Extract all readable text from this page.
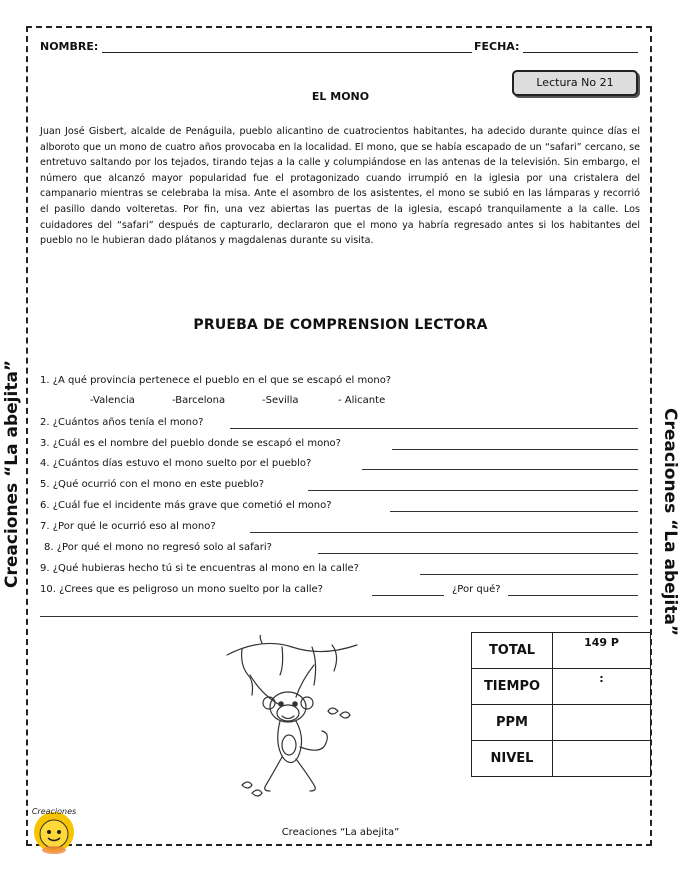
Creaciones “La abejita”	Creaciones “La abejita”
NOMBRE:	FECHA:
Lectura No 21
EL MONO
Juan José Gisbert, alcalde de Penáguila, pueblo alicantino de cuatrocientos habitantes, ha adecido durante quince días el alboroto que un mono de cuatro años provocaba en la localidad. El mono, que se había escapado de un “safari” cercano, se entretuvo saltando por los tejados, tirando tejas a la calle y columpiándose en las antenas de la televisión. Sin embargo, el número que alcanzó mayor popularidad fue el protagonizado cuando irrumpió en la iglesia por una cristalera del campanario mientras se celebraba la misa. Ante el asombro de los asistentes, el mono se subió en las lámparas y recorrió el pasillo dando volteretas. Por fin, una vez abiertas las puertas de la iglesia, escapó tranquilamente a la calle. Los cuidadores del “safari” después de capturarlo, declararon que el mono ya habría regresado antes si los habitantes del pueblo no le hubieran dado plátanos y magdalenas durante su visita.
PRUEBA DE COMPRENSION LECTORA
1. ¿A qué provincia pertenece el pueblo en el que se escapó el mono?
-Valencia	-Barcelona	-Sevilla	- Alicante
2. ¿Cuántos años tenía el mono?
3. ¿Cuál es el nombre del pueblo donde se escapó el mono?
4. ¿Cuántos días estuvo el mono suelto por el pueblo?
5. ¿Qué ocurrió con el mono en este pueblo?
6. ¿Cuál fue el incidente más grave que cometió el mono?
7. ¿Por qué le ocurrió eso al mono?
8. ¿Por qué el mono no regresó solo al safari?
9. ¿Qué hubieras hecho tú si te encuentras al mono en la calle?
10. ¿Crees que es peligroso un mono suelto por la calle?	¿Por qué?
TOTAL	149 P
TIEMPO	:
PPM	
NIVEL	
Creaciones
Creaciones “La abejita”
